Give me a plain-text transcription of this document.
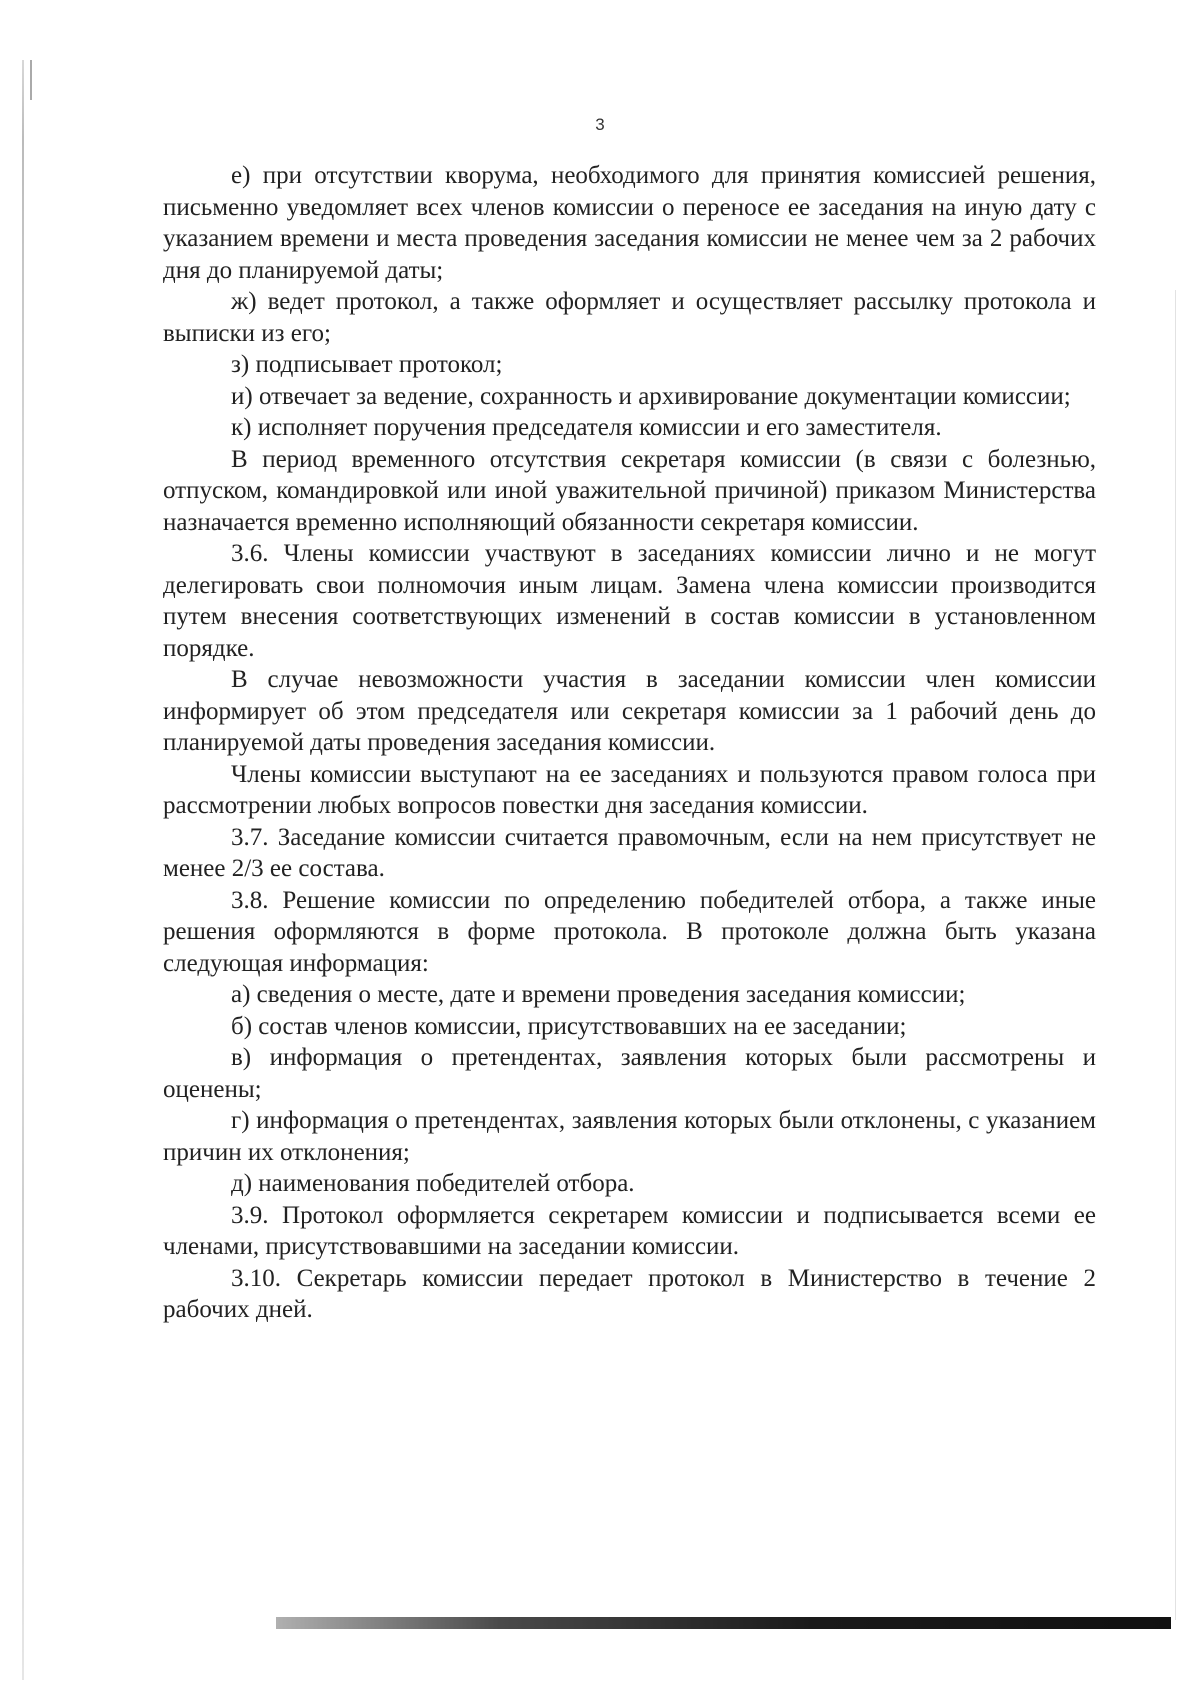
3

е) при отсутствии кворума, необходимого для принятия комиссией решения, письменно уведомляет всех членов комиссии о переносе ее заседания на иную дату с указанием времени и места проведения заседания комиссии не менее чем за 2 рабочих дня до планируемой даты;

ж) ведет протокол, а также оформляет и осуществляет рассылку протокола и выписки из его;

з) подписывает протокол;

и) отвечает за ведение, сохранность и архивирование документации комиссии;

к) исполняет поручения председателя комиссии и его заместителя.

В период временного отсутствия секретаря комиссии (в связи с болезнью, отпуском, командировкой или иной уважительной причиной) приказом Министерства назначается временно исполняющий обязанности секретаря комиссии.

3.6. Члены комиссии участвуют в заседаниях комиссии лично и не могут делегировать свои полномочия иным лицам. Замена члена комиссии производится путем внесения соответствующих изменений в состав комиссии в установленном порядке.

В случае невозможности участия в заседании комиссии член комиссии информирует об этом председателя или секретаря комиссии за 1 рабочий день до планируемой даты проведения заседания комиссии.

Члены комиссии выступают на ее заседаниях и пользуются правом голоса при рассмотрении любых вопросов повестки дня заседания комиссии.

3.7. Заседание комиссии считается правомочным, если на нем присутствует не менее 2/3 ее состава.

3.8. Решение комиссии по определению победителей отбора, а также иные решения оформляются в форме протокола. В протоколе должна быть указана следующая информация:

а) сведения о месте, дате и времени проведения заседания комиссии;

б) состав членов комиссии, присутствовавших на ее заседании;

в) информация о претендентах, заявления которых были рассмотрены и оценены;

г) информация о претендентах, заявления которых были отклонены, с указанием причин их отклонения;

д) наименования победителей отбора.

3.9. Протокол оформляется секретарем комиссии и подписывается всеми ее членами, присутствовавшими на заседании комиссии.

3.10. Секретарь комиссии передает протокол в Министерство в течение 2 рабочих дней.
